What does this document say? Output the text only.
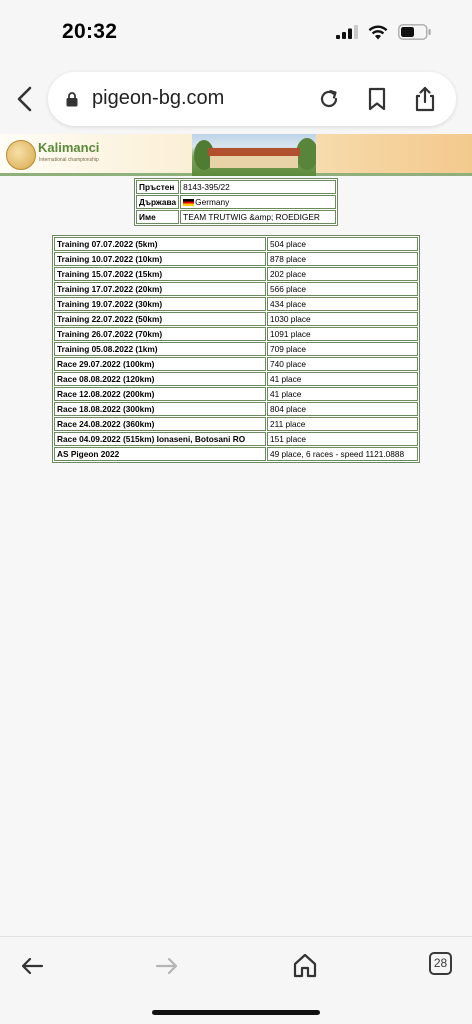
20:32
pigeon-bg.com
Kalimanci
International championship
Пръстен	8143-395/22
Държава	Germany
Име	TEAM TRUTWIG &amp; ROEDIGER
Training 07.07.2022 (5km)	504 place
Training 10.07.2022 (10km)	878 place
Training 15.07.2022 (15km)	202 place
Training 17.07.2022 (20km)	566 place
Training 19.07.2022 (30km)	434 place
Training 22.07.2022 (50km)	1030 place
Training 26.07.2022 (70km)	1091 place
Training 05.08.2022 (1km)	709 place
Race 29.07.2022 (100km)	740 place
Race 08.08.2022 (120km)	41 place
Race 12.08.2022 (200km)	41 place
Race 18.08.2022 (300km)	804 place
Race 24.08.2022 (360km)	211 place
Race 04.09.2022 (515km) Ionaseni, Botosani RO	151 place
AS Pigeon 2022	49 place, 6 races - speed 1121.0888
28
